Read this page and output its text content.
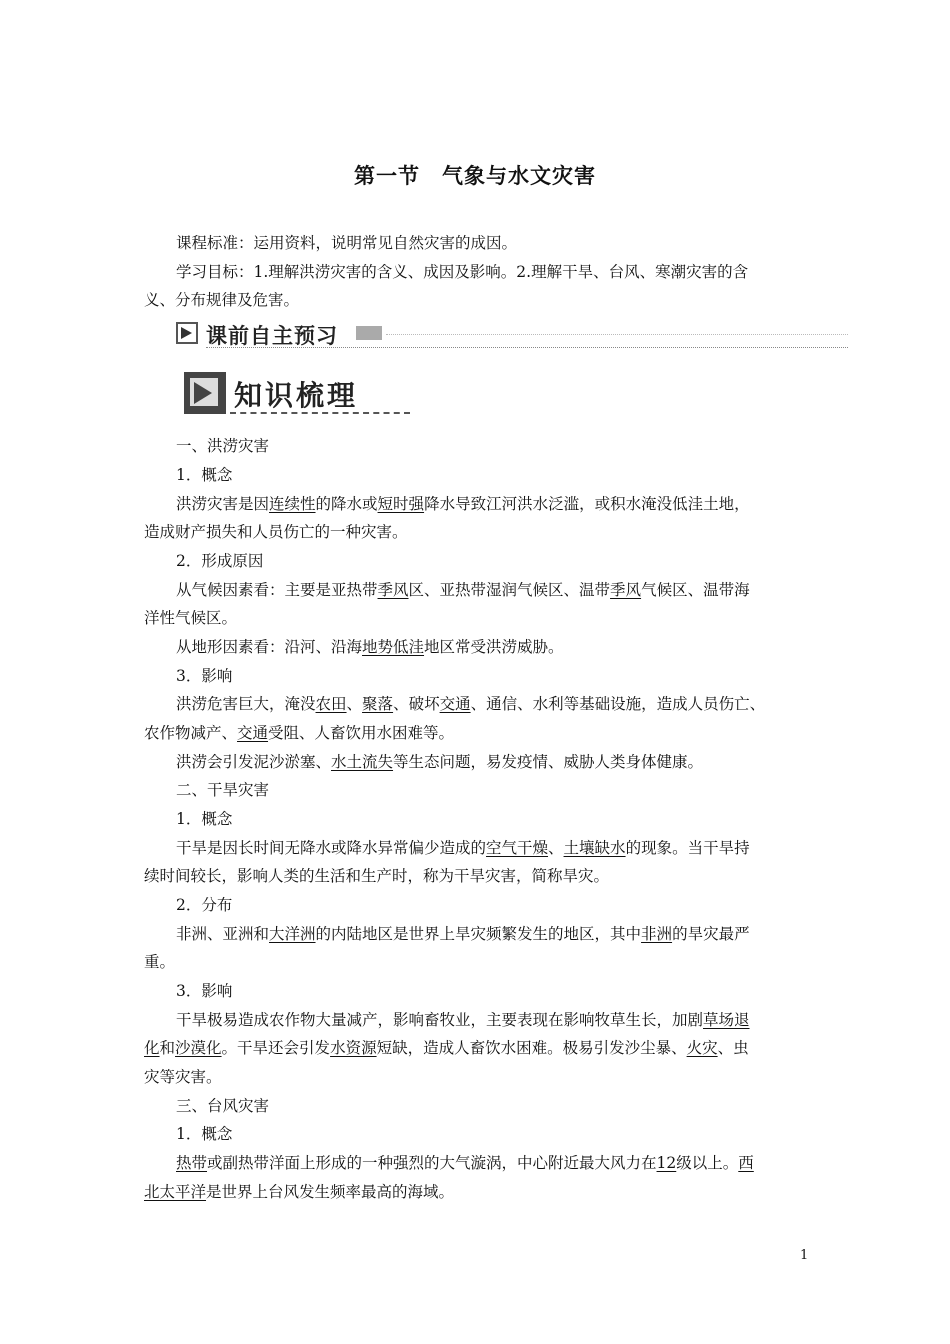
第一节 气象与水文灾害
课程标准：运用资料，说明常见自然灾害的成因。
学习目标：1.理解洪涝灾害的含义、成因及影响。2.理解干旱、台风、寒潮灾害的含
义、分布规律及危害。
课前自主预习
知识梳理
一、洪涝灾害
1．概念
洪涝灾害是因连续性的降水或短时强降水导致江河洪水泛滥，或积水淹没低洼土地，
造成财产损失和人员伤亡的一种灾害。
2．形成原因
从气候因素看：主要是亚热带季风区、亚热带湿润气候区、温带季风气候区、温带海
洋性气候区。
从地形因素看：沿河、沿海地势低洼地区常受洪涝威胁。
3．影响
洪涝危害巨大，淹没农田、聚落、破坏交通、通信、水利等基础设施，造成人员伤亡、
农作物减产、交通受阻、人畜饮用水困难等。
洪涝会引发泥沙淤塞、水土流失等生态问题，易发疫情、威胁人类身体健康。
二、干旱灾害
1．概念
干旱是因长时间无降水或降水异常偏少造成的空气干燥、土壤缺水的现象。当干旱持
续时间较长，影响人类的生活和生产时，称为干旱灾害，简称旱灾。
2．分布
非洲、亚洲和大洋洲的内陆地区是世界上旱灾频繁发生的地区，其中非洲的旱灾最严
重。
3．影响
干旱极易造成农作物大量减产，影响畜牧业，主要表现在影响牧草生长，加剧草场退
化和沙漠化。干旱还会引发水资源短缺，造成人畜饮水困难。极易引发沙尘暴、火灾、虫
灾等灾害。
三、台风灾害
1．概念
热带或副热带洋面上形成的一种强烈的大气漩涡，中心附近最大风力在12级以上。西
北太平洋是世界上台风发生频率最高的海域。
1
